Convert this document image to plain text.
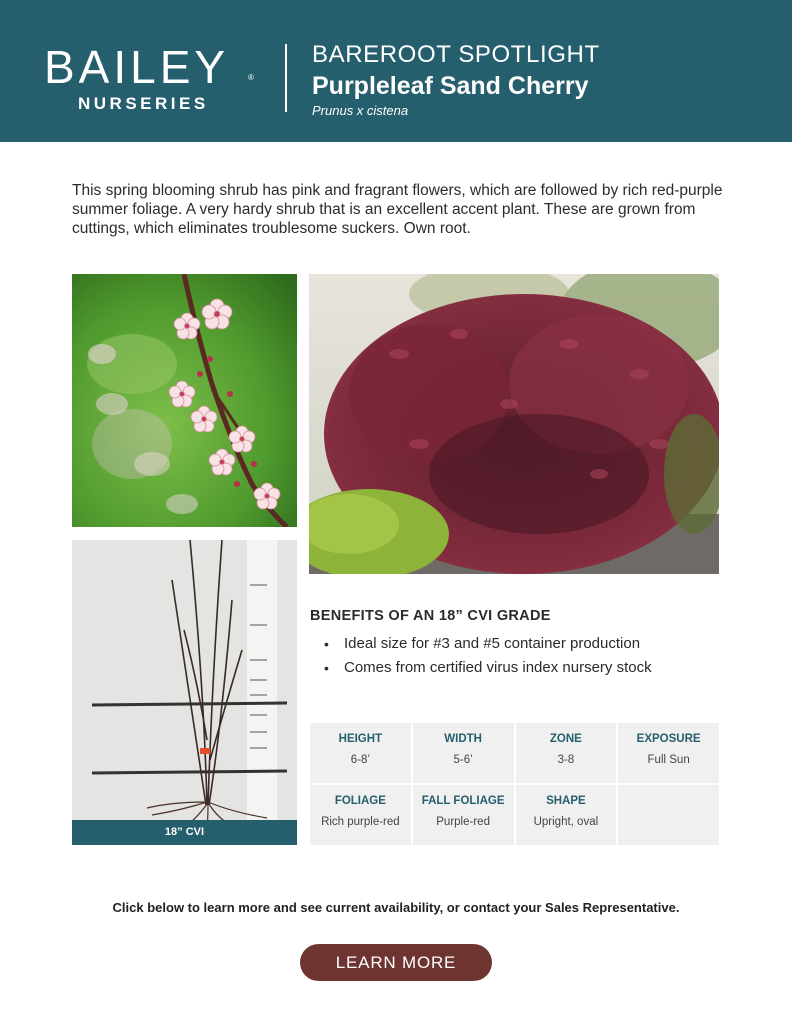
BAILEY ®
NURSERIES
BAREROOT SPOTLIGHT
Purpleleaf Sand Cherry
Prunus x cistena

This spring blooming shrub has pink and fragrant flowers, which are followed by rich red-purple summer foliage. A very hardy shrub that is an excellent accent plant. These are grown from cuttings, which eliminates troublesome suckers. Own root.

18” CVI
BENEFITS OF AN 18” CVI GRADE
• Ideal size for #3 and #5 container production
• Comes from certified virus index nursery stock
HEIGHT
6-8’
WIDTH
5-6’
ZONE
3-8
EXPOSURE
Full Sun
FOLIAGE
Rich purple-red
FALL FOLIAGE
Purple-red
SHAPE
Upright, oval
Click below to learn more and see current availability, or contact your Sales Representative.
LEARN MORE
